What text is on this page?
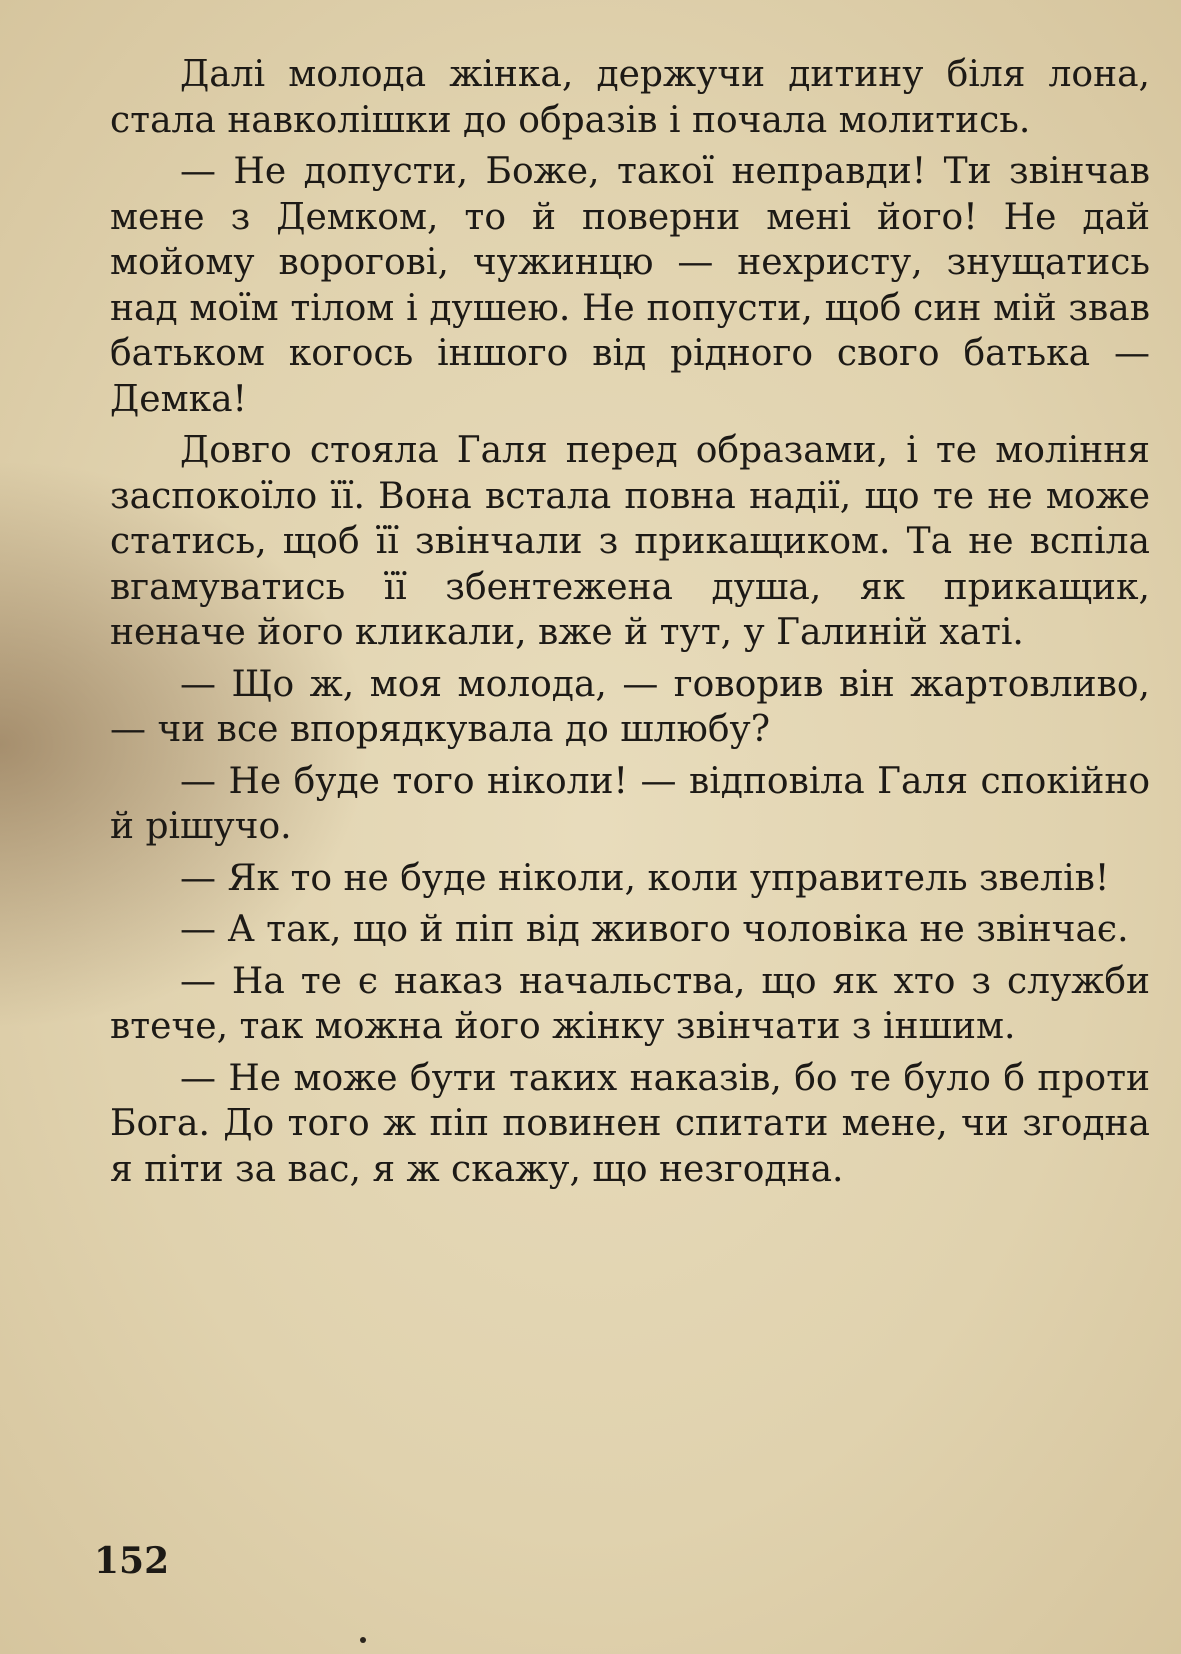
Далі молода жінка, держучи дитину біля лона, стала навколішки до образів і почала молитись.

— Не допусти, Боже, такої неправди! Ти звінчав мене з Демком, то й поверни мені його! Не дай мойому ворогові, чужинцю — нехристу, знущатись над моїм тілом і душею. Не попусти, щоб син мій звав батьком когось іншого від рідного свого батька — Демка!

Довго стояла Галя перед образами, і те моління заспокоїло її. Вона встала повна надії, що те не може статись, щоб її звінчали з прикащиком. Та не вспіла вгамуватись її збентежена душа, як прикащик, неначе його кликали, вже й тут, у Галиній хаті.

— Що ж, моя молода, — говорив він жартовливо, — чи все впорядкувала до шлюбу?

— Не буде того ніколи! — відповіла Галя спокійно й рішучо.

— Як то не буде ніколи, коли управитель звелів!

— А так, що й піп від живого чоловіка не звінчає.

— На те є наказ начальства, що як хто з служби втече, так можна його жінку звінчати з іншим.

— Не може бути таких наказів, бо те було б проти Бога. До того ж піп повинен спитати мене, чи згодна я піти за вас, я ж скажу, що незгодна.

152
